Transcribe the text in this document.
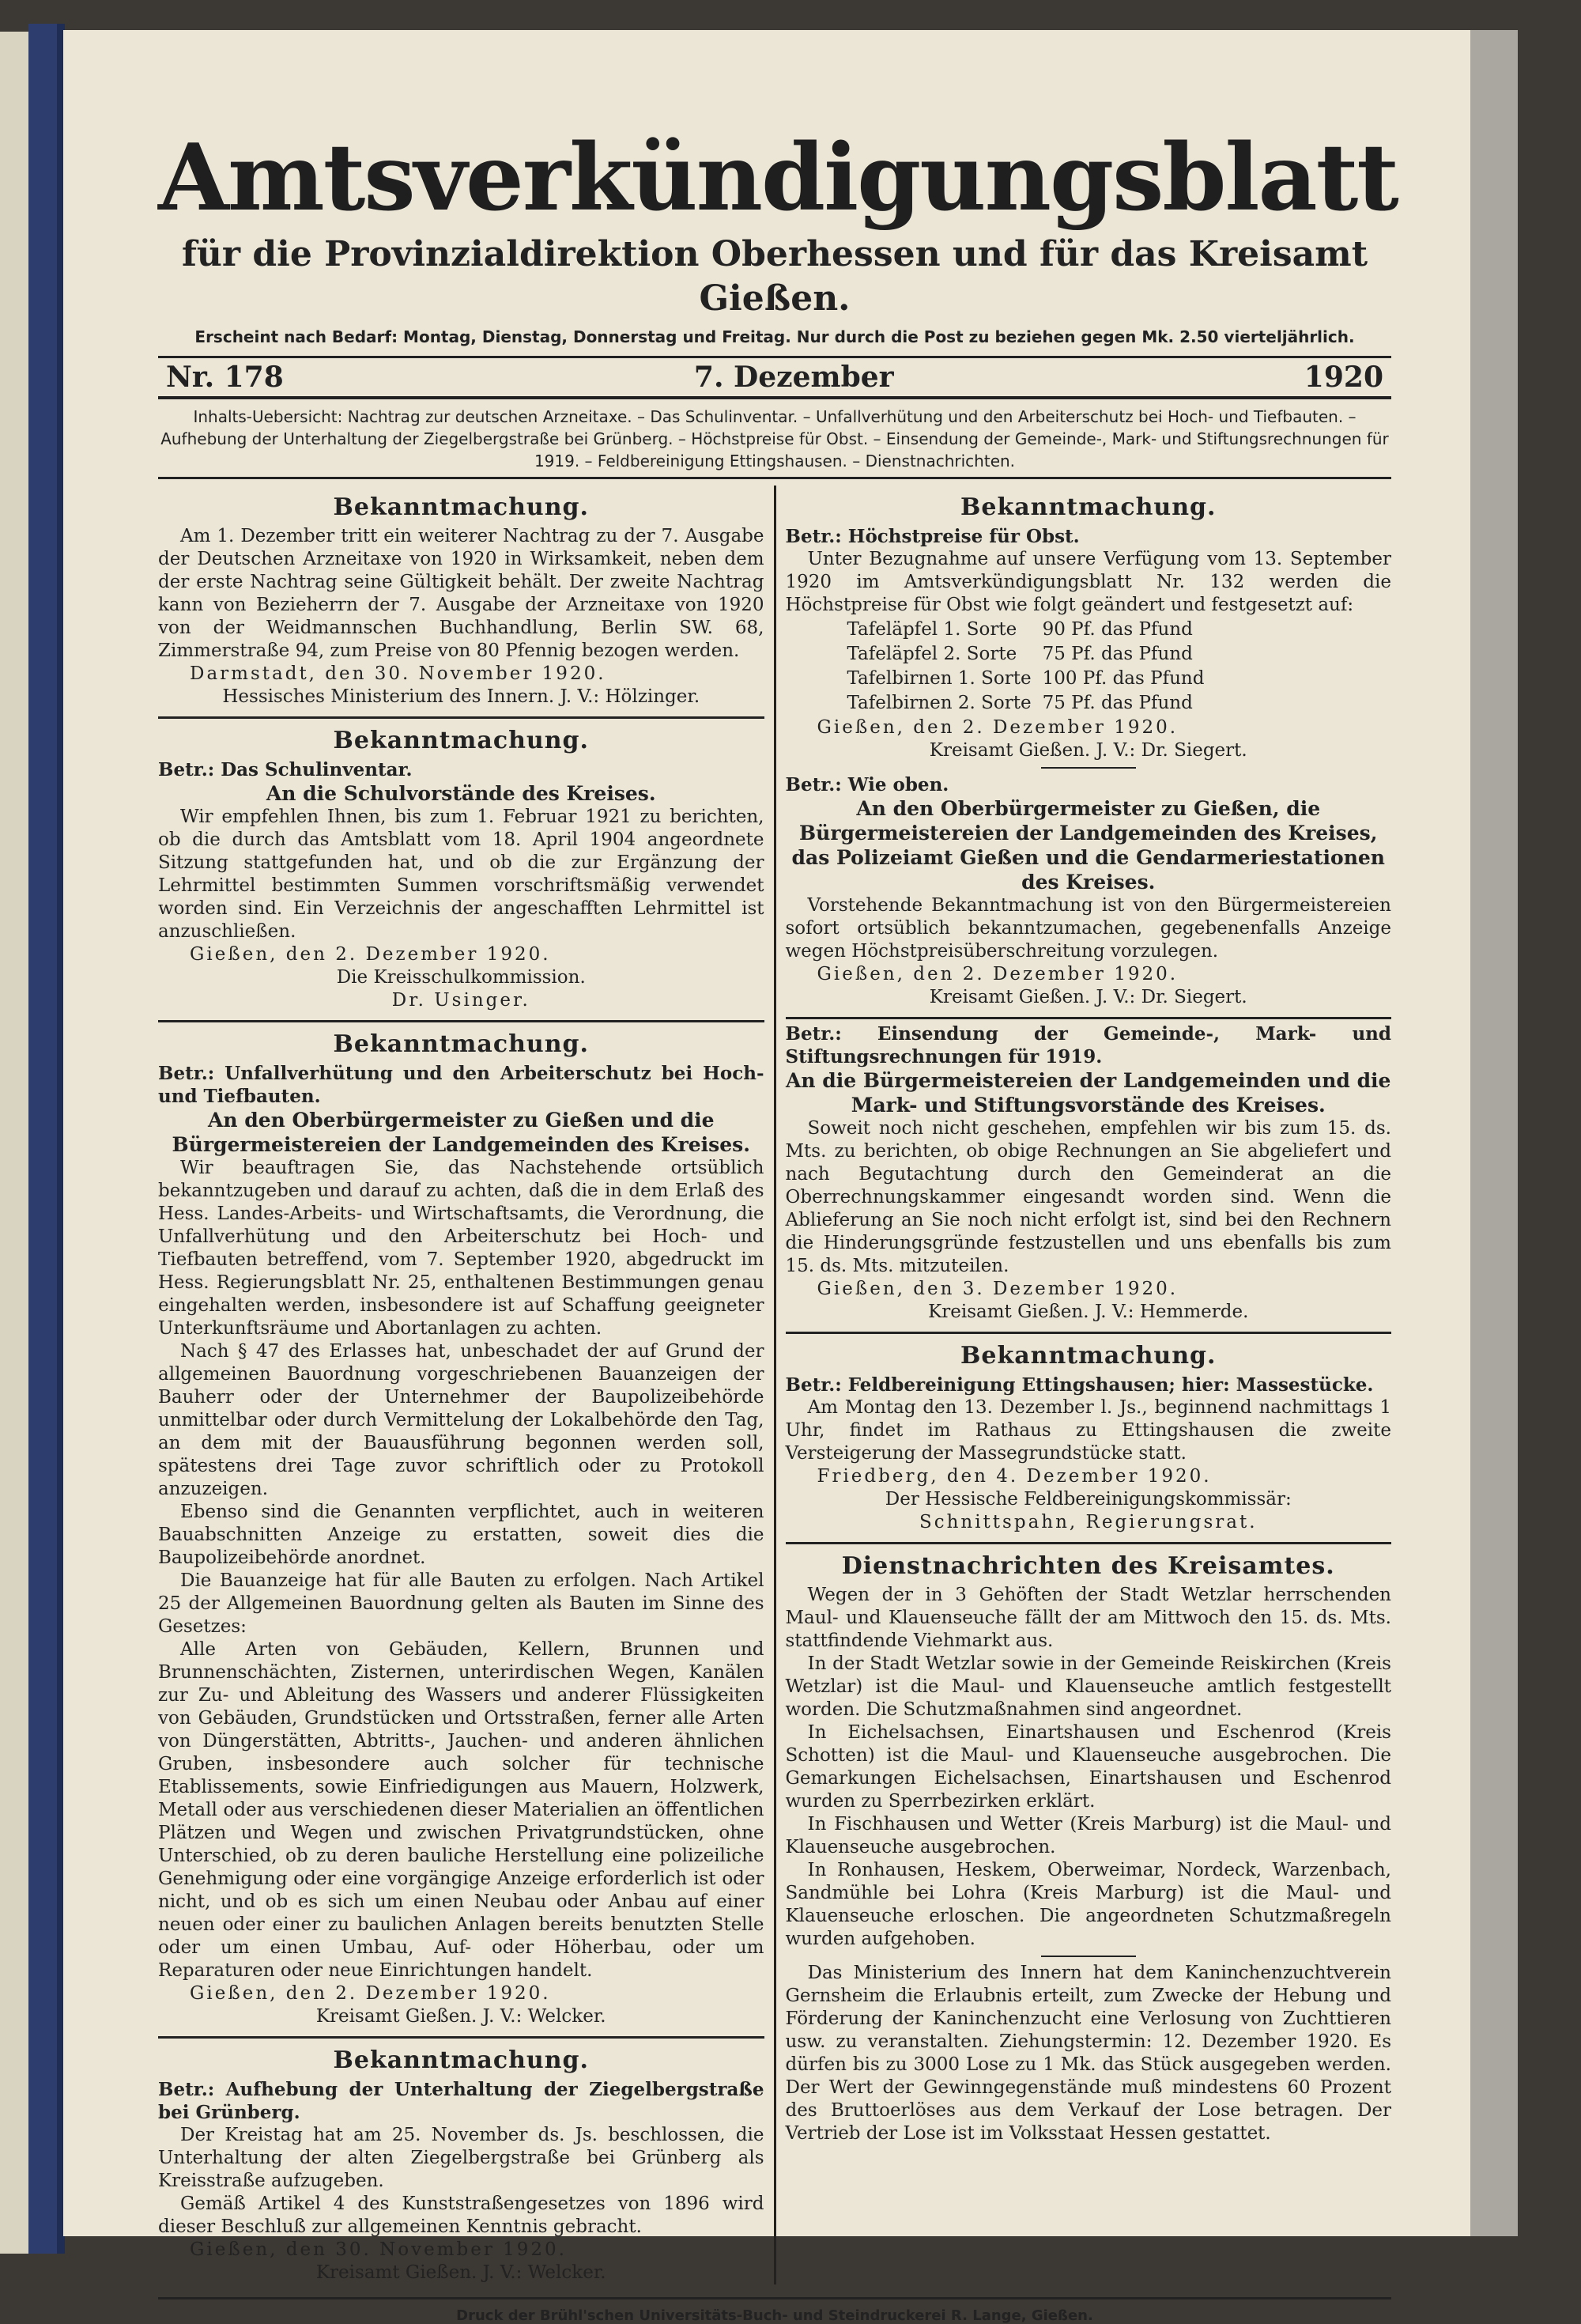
Amtsverkündigungsblatt
für die Provinzialdirektion Oberhessen und für das Kreisamt Gießen.
Erscheint nach Bedarf: Montag, Dienstag, Donnerstag und Freitag. Nur durch die Post zu beziehen gegen Mk. 2.50 vierteljährlich.
Nr. 178	7. Dezember	1920
Inhalts-Uebersicht: Nachtrag zur deutschen Arzneitaxe. – Das Schulinventar. – Unfallverhütung und den Arbeiterschutz bei Hoch- und Tiefbauten. – Aufhebung der Unterhaltung der Ziegelbergstraße bei Grünberg. – Höchstpreise für Obst. – Einsendung der Gemeinde-, Mark- und Stiftungsrechnungen für 1919. – Feldbereinigung Ettingshausen. – Dienstnachrichten.
Bekanntmachung.

Am 1. Dezember tritt ein weiterer Nachtrag zu der 7. Ausgabe der Deutschen Arzneitaxe von 1920 in Wirksamkeit, neben dem der erste Nachtrag seine Gültigkeit behält. Der zweite Nachtrag kann von Bezieherrn der 7. Ausgabe der Arzneitaxe von 1920 von der Weidmannschen Buchhandlung, Berlin SW. 68, Zimmerstraße 94, zum Preise von 80 Pfennig bezogen werden.

Darmstadt, den 30. November 1920.
Hessisches Ministerium des Innern. J. V.: Hölzinger.
Bekanntmachung.
Betr.: Das Schulinventar.
An die Schulvorstände des Kreises.

Wir empfehlen Ihnen, bis zum 1. Februar 1921 zu berichten, ob die durch das Amtsblatt vom 18. April 1904 angeordnete Sitzung stattgefunden hat, und ob die zur Ergänzung der Lehrmittel bestimmten Summen vorschriftsmäßig verwendet worden sind. Ein Verzeichnis der angeschafften Lehrmittel ist anzuschließen.

Gießen, den 2. Dezember 1920.
Die Kreisschulkommission.
Dr. Usinger.
Bekanntmachung.
Betr.: Unfallverhütung und den Arbeiterschutz bei Hoch- und Tiefbauten.
An den Oberbürgermeister zu Gießen und die Bürgermeistereien der Landgemeinden des Kreises.

Wir beauftragen Sie, das Nachstehende ortsüblich bekanntzugeben und darauf zu achten, daß die in dem Erlaß des Hess. Landes-Arbeits- und Wirtschaftsamts, die Verordnung, die Unfallverhütung und den Arbeiterschutz bei Hoch- und Tiefbauten betreffend, vom 7. September 1920, abgedruckt im Hess. Regierungsblatt Nr. 25, enthaltenen Bestimmungen genau eingehalten werden, insbesondere ist auf Schaffung geeigneter Unterkunftsräume und Abortanlagen zu achten.

Nach § 47 des Erlasses hat, unbeschadet der auf Grund der allgemeinen Bauordnung vorgeschriebenen Bauanzeigen der Bauherr oder der Unternehmer der Baupolizeibehörde unmittelbar oder durch Vermittelung der Lokalbehörde den Tag, an dem mit der Bauausführung begonnen werden soll, spätestens drei Tage zuvor schriftlich oder zu Protokoll anzuzeigen.

Ebenso sind die Genannten verpflichtet, auch in weiteren Bauabschnitten Anzeige zu erstatten, soweit dies die Baupolizeibehörde anordnet.

Die Bauanzeige hat für alle Bauten zu erfolgen. Nach Artikel 25 der Allgemeinen Bauordnung gelten als Bauten im Sinne des Gesetzes:

Alle Arten von Gebäuden, Kellern, Brunnen und Brunnenschächten, Zisternen, unterirdischen Wegen, Kanälen zur Zu- und Ableitung des Wassers und anderer Flüssigkeiten von Gebäuden, Grundstücken und Ortsstraßen, ferner alle Arten von Düngerstätten, Abtritts-, Jauchen- und anderen ähnlichen Gruben, insbesondere auch solcher für technische Etablissements, sowie Einfriedigungen aus Mauern, Holzwerk, Metall oder aus verschiedenen dieser Materialien an öffentlichen Plätzen und Wegen und zwischen Privatgrundstücken, ohne Unterschied, ob zu deren bauliche Herstellung eine polizeiliche Genehmigung oder eine vorgängige Anzeige erforderlich ist oder nicht, und ob es sich um einen Neubau oder Anbau auf einer neuen oder einer zu baulichen Anlagen bereits benutzten Stelle oder um einen Umbau, Auf- oder Höherbau, oder um Reparaturen oder neue Einrichtungen handelt.

Gießen, den 2. Dezember 1920.
Kreisamt Gießen. J. V.: Welcker.
Bekanntmachung.
Betr.: Aufhebung der Unterhaltung der Ziegelbergstraße bei Grünberg.

Der Kreistag hat am 25. November ds. Js. beschlossen, die Unterhaltung der alten Ziegelbergstraße bei Grünberg als Kreisstraße aufzugeben.

Gemäß Artikel 4 des Kunststraßengesetzes von 1896 wird dieser Beschluß zur allgemeinen Kenntnis gebracht.

Gießen, den 30. November 1920.
Kreisamt Gießen. J. V.: Welcker.
Bekanntmachung.
Betr.: Höchstpreise für Obst.

Unter Bezugnahme auf unsere Verfügung vom 13. September 1920 im Amtsverkündigungsblatt Nr. 132 werden die Höchstpreise für Obst wie folgt geändert und festgesetzt auf:

Tafeläpfel 1. Sorte	90 Pf. das Pfund
Tafeläpfel 2. Sorte	75 Pf. das Pfund
Tafelbirnen 1. Sorte	100 Pf. das Pfund
Tafelbirnen 2. Sorte	75 Pf. das Pfund
Gießen, den 2. Dezember 1920.
Kreisamt Gießen. J. V.: Dr. Siegert.
Betr.: Wie oben.
An den Oberbürgermeister zu Gießen, die Bürgermeistereien der Landgemeinden des Kreises, das Polizeiamt Gießen und die Gendarmeriestationen des Kreises.

Vorstehende Bekanntmachung ist von den Bürgermeistereien sofort ortsüblich bekanntzumachen, gegebenenfalls Anzeige wegen Höchstpreisüberschreitung vorzulegen.

Gießen, den 2. Dezember 1920.
Kreisamt Gießen. J. V.: Dr. Siegert.
Betr.: Einsendung der Gemeinde-, Mark- und Stiftungsrechnungen für 1919.
An die Bürgermeistereien der Landgemeinden und die Mark- und Stiftungsvorstände des Kreises.

Soweit noch nicht geschehen, empfehlen wir bis zum 15. ds. Mts. zu berichten, ob obige Rechnungen an Sie abgeliefert und nach Begutachtung durch den Gemeinderat an die Oberrechnungskammer eingesandt worden sind. Wenn die Ablieferung an Sie noch nicht erfolgt ist, sind bei den Rechnern die Hinderungsgründe festzustellen und uns ebenfalls bis zum 15. ds. Mts. mitzuteilen.

Gießen, den 3. Dezember 1920.
Kreisamt Gießen. J. V.: Hemmerde.
Bekanntmachung.
Betr.: Feldbereinigung Ettingshausen; hier: Massestücke.

Am Montag den 13. Dezember l. Js., beginnend nachmittags 1 Uhr, findet im Rathaus zu Ettingshausen die zweite Versteigerung der Massegrundstücke statt.

Friedberg, den 4. Dezember 1920.
Der Hessische Feldbereinigungskommissär:
Schnittspahn, Regierungsrat.
Dienstnachrichten des Kreisamtes.

Wegen der in 3 Gehöften der Stadt Wetzlar herrschenden Maul- und Klauenseuche fällt der am Mittwoch den 15. ds. Mts. stattfindende Viehmarkt aus.

In der Stadt Wetzlar sowie in der Gemeinde Reiskirchen (Kreis Wetzlar) ist die Maul- und Klauenseuche amtlich festgestellt worden. Die Schutzmaßnahmen sind angeordnet.

In Eichelsachsen, Einartshausen und Eschenrod (Kreis Schotten) ist die Maul- und Klauenseuche ausgebrochen. Die Gemarkungen Eichelsachsen, Einartshausen und Eschenrod wurden zu Sperrbezirken erklärt.

In Fischhausen und Wetter (Kreis Marburg) ist die Maul- und Klauenseuche ausgebrochen.

In Ronhausen, Heskem, Oberweimar, Nordeck, Warzenbach, Sandmühle bei Lohra (Kreis Marburg) ist die Maul- und Klauenseuche erloschen. Die angeordneten Schutzmaßregeln wurden aufgehoben.

Das Ministerium des Innern hat dem Kaninchenzuchtverein Gernsheim die Erlaubnis erteilt, zum Zwecke der Hebung und Förderung der Kaninchenzucht eine Verlosung von Zuchttieren usw. zu veranstalten. Ziehungstermin: 12. Dezember 1920. Es dürfen bis zu 3000 Lose zu 1 Mk. das Stück ausgegeben werden. Der Wert der Gewinngegenstände muß mindestens 60 Prozent des Bruttoerlöses aus dem Verkauf der Lose betragen. Der Vertrieb der Lose ist im Volksstaat Hessen gestattet.

Druck der Brühl'schen Universitäts-Buch- und Steindruckerei R. Lange, Gießen.
